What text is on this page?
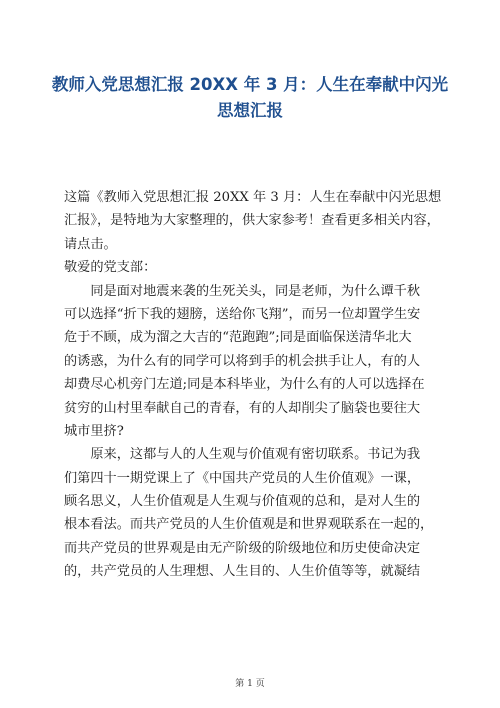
教师入党思想汇报 20XX 年 3 月：人生在奉献中闪光
思想汇报
这篇《教师入党思想汇报 20XX 年 3 月：人生在奉献中闪光思想
汇报》，是特地为大家整理的，供大家参考！查看更多相关内容，
请点击。
敬爱的党支部：
　　同是面对地震来袭的生死关头，同是老师，为什么谭千秋
可以选择“折下我的翅膀，送给你飞翔”，而另一位却置学生安
危于不顾，成为溜之大吉的“范跑跑”;同是面临保送清华北大
的诱惑，为什么有的同学可以将到手的机会拱手让人，有的人
却费尽心机旁门左道;同是本科毕业，为什么有的人可以选择在
贫穷的山村里奉献自己的青春，有的人却削尖了脑袋也要往大
城市里挤?
　　原来，这都与人的人生观与价值观有密切联系。书记为我
们第四十一期党课上了《中国共产党员的人生价值观》一课，
顾名思义，人生价值观是人生观与价值观的总和，是对人生的
根本看法。而共产党员的人生价值观是和世界观联系在一起的，
而共产党员的世界观是由无产阶级的阶级地位和历史使命决定
的，共产党员的人生理想、人生目的、人生价值等等，就凝结
第 1 页
